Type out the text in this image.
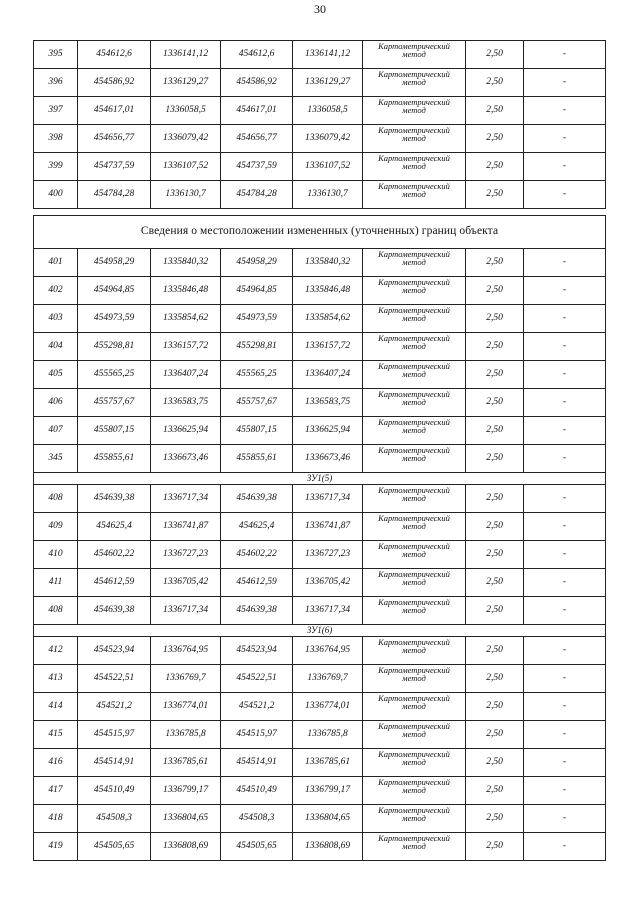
30
395	454612,6	1336141,12	454612,6	1336141,12	Картометрический
метод	2,50	-
396	454586,92	1336129,27	454586,92	1336129,27	Картометрический
метод	2,50	-
397	454617,01	1336058,5	454617,01	1336058,5	Картометрический
метод	2,50	-
398	454656,77	1336079,42	454656,77	1336079,42	Картометрический
метод	2,50	-
399	454737,59	1336107,52	454737,59	1336107,52	Картометрический
метод	2,50	-
400	454784,28	1336130,7	454784,28	1336130,7	Картометрический
метод	2,50	-
Сведения о местоположении измененных (уточненных) границ объекта							
401	454958,29	1335840,32	454958,29	1335840,32	Картометрический
метод	2,50	-
402	454964,85	1335846,48	454964,85	1335846,48	Картометрический
метод	2,50	-
403	454973,59	1335854,62	454973,59	1335854,62	Картометрический
метод	2,50	-
404	455298,81	1336157,72	455298,81	1336157,72	Картометрический
метод	2,50	-
405	455565,25	1336407,24	455565,25	1336407,24	Картометрический
метод	2,50	-
406	455757,67	1336583,75	455757,67	1336583,75	Картометрический
метод	2,50	-
407	455807,15	1336625,94	455807,15	1336625,94	Картометрический
метод	2,50	-
345	455855,61	1336673,46	455855,61	1336673,46	Картометрический
метод	2,50	-
ЗУ1(5)							
408	454639,38	1336717,34	454639,38	1336717,34	Картометрический
метод	2,50	-
409	454625,4	1336741,87	454625,4	1336741,87	Картометрический
метод	2,50	-
410	454602,22	1336727,23	454602,22	1336727,23	Картометрический
метод	2,50	-
411	454612,59	1336705,42	454612,59	1336705,42	Картометрический
метод	2,50	-
408	454639,38	1336717,34	454639,38	1336717,34	Картометрический
метод	2,50	-
ЗУ1(6)							
412	454523,94	1336764,95	454523,94	1336764,95	Картометрический
метод	2,50	-
413	454522,51	1336769,7	454522,51	1336769,7	Картометрический
метод	2,50	-
414	454521,2	1336774,01	454521,2	1336774,01	Картометрический
метод	2,50	-
415	454515,97	1336785,8	454515,97	1336785,8	Картометрический
метод	2,50	-
416	454514,91	1336785,61	454514,91	1336785,61	Картометрический
метод	2,50	-
417	454510,49	1336799,17	454510,49	1336799,17	Картометрический
метод	2,50	-
418	454508,3	1336804,65	454508,3	1336804,65	Картометрический
метод	2,50	-
419	454505,65	1336808,69	454505,65	1336808,69	Картометрический
метод	2,50	-
